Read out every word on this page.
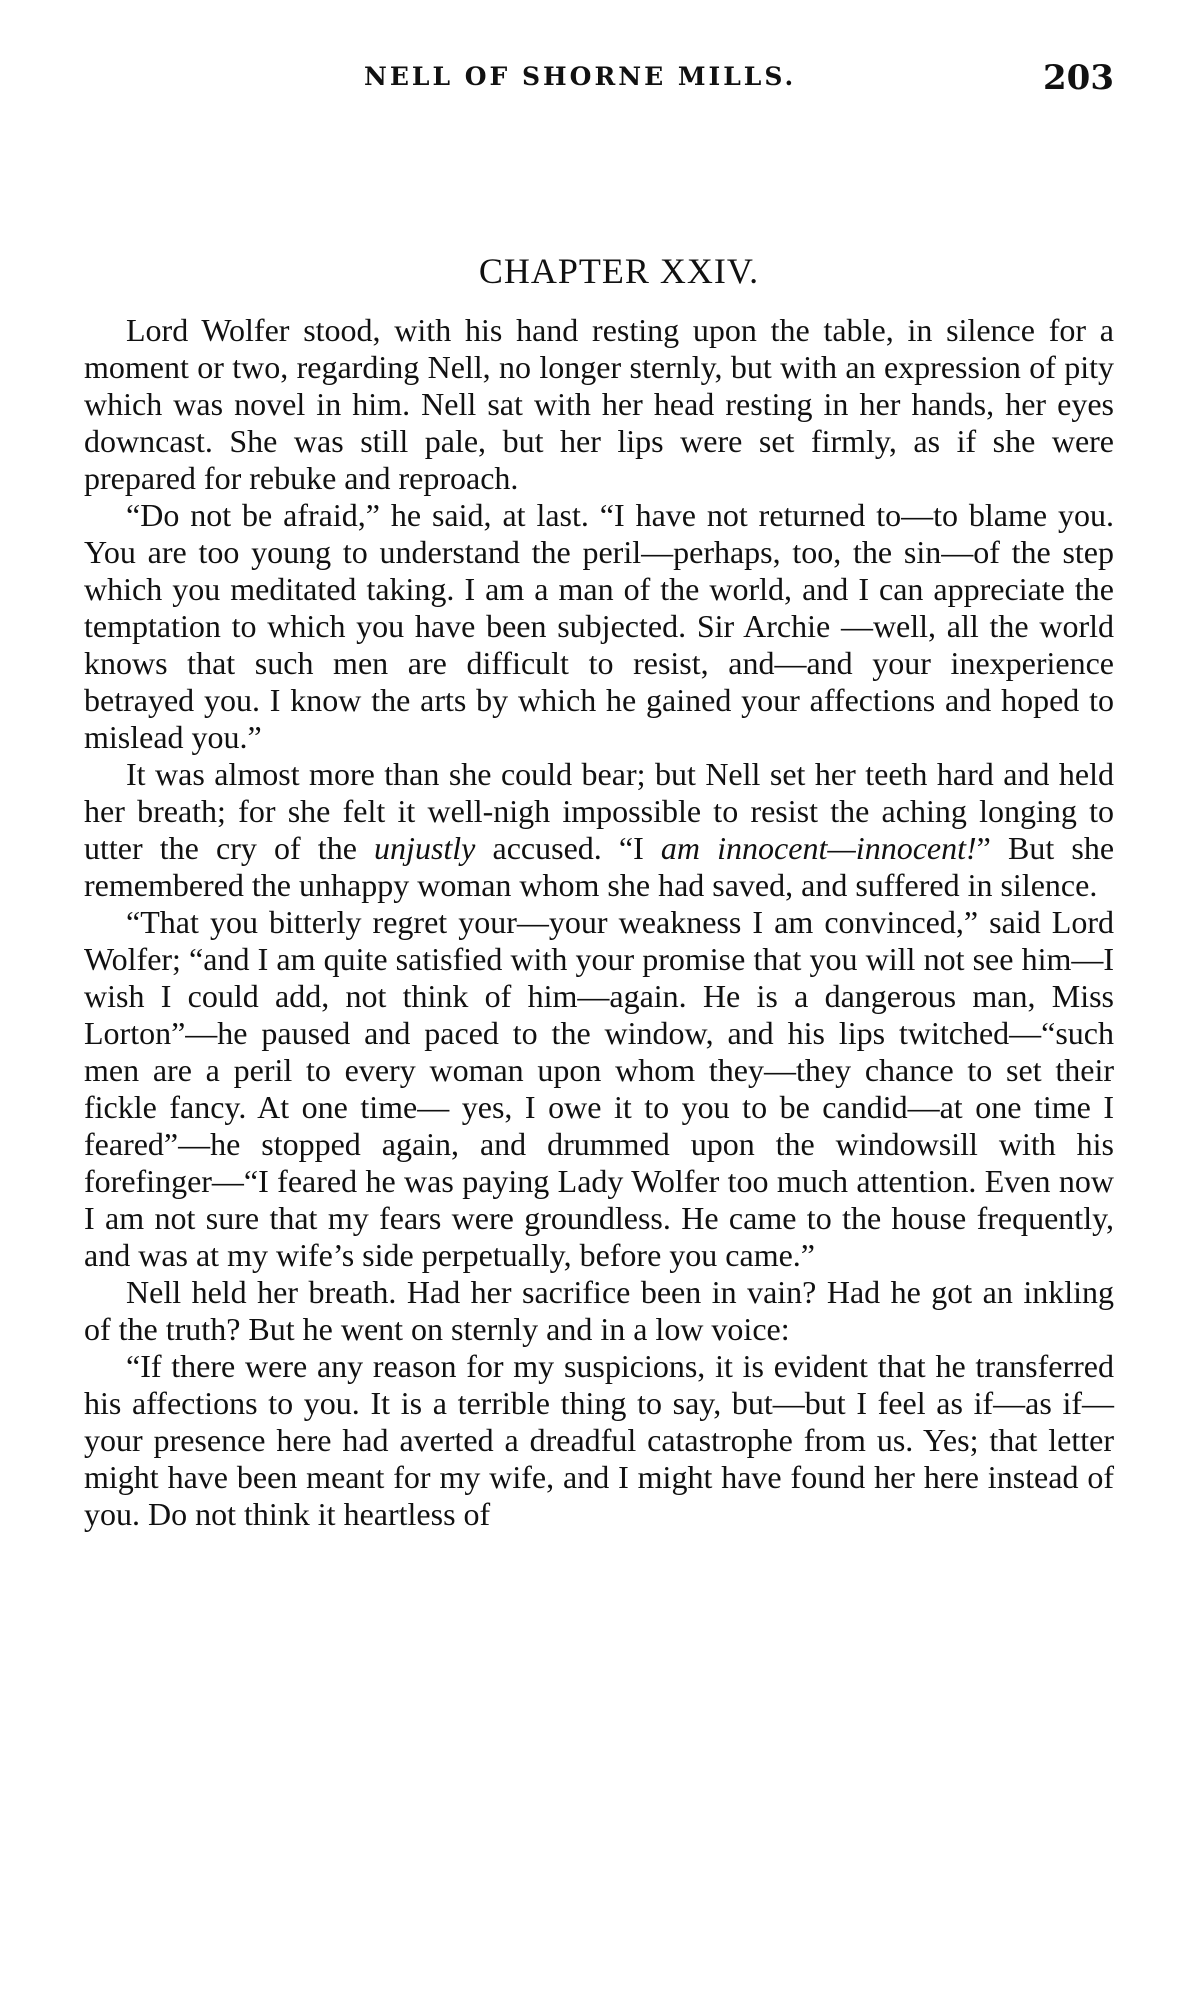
NELL OF SHORNE MILLS.	203
CHAPTER XXIV.

Lord Wolfer stood, with his hand resting upon the table, in silence for a moment or two, regarding Nell, no longer sternly, but with an expression of pity which was novel in him. Nell sat with her head resting in her hands, her eyes downcast. She was still pale, but her lips were set firmly, as if she were prepared for rebuke and reproach.

“Do not be afraid,” he said, at last. “I have not returned to—to blame you. You are too young to understand the peril—perhaps, too, the sin—of the step which you meditated taking. I am a man of the world, and I can appreciate the temptation to which you have been subjected. Sir Archie —well, all the world knows that such men are difficult to resist, and—and your inexperience betrayed you. I know the arts by which he gained your affections and hoped to mislead you.”

It was almost more than she could bear; but Nell set her teeth hard and held her breath; for she felt it well-nigh impossible to resist the aching longing to utter the cry of the unjustly accused. “I am innocent—innocent!” But she remembered the unhappy woman whom she had saved, and suffered in silence.

“That you bitterly regret your—your weakness I am convinced,” said Lord Wolfer; “and I am quite satisfied with your promise that you will not see him—I wish I could add, not think of him—again. He is a dangerous man, Miss Lorton”—he paused and paced to the window, and his lips twitched—“such men are a peril to every woman upon whom they—they chance to set their fickle fancy. At one time— yes, I owe it to you to be candid—at one time I feared”—he stopped again, and drummed upon the windowsill with his forefinger—“I feared he was paying Lady Wolfer too much attention. Even now I am not sure that my fears were groundless. He came to the house frequently, and was at my wife’s side perpetually, before you came.”

Nell held her breath. Had her sacrifice been in vain? Had he got an inkling of the truth? But he went on sternly and in a low voice:

“If there were any reason for my suspicions, it is evident that he transferred his affections to you. It is a terrible thing to say, but—but I feel as if—as if—your presence here had averted a dreadful catastrophe from us. Yes; that letter might have been meant for my wife, and I might have found her here instead of you. Do not think it heartless of
